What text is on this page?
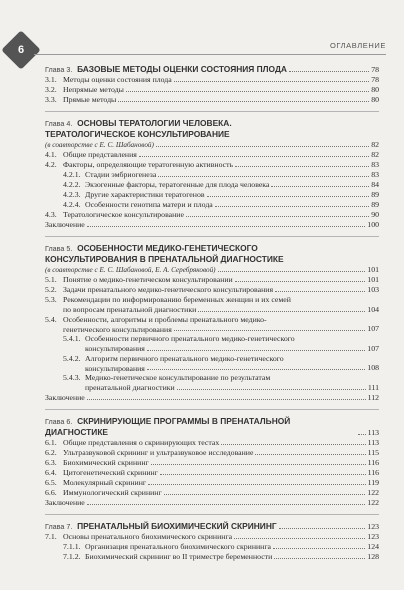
6	ОГЛАВЛЕНИЕ
Глава 3. БАЗОВЫЕ МЕТОДЫ ОЦЕНКИ СОСТОЯНИЯ ПЛОДА	78
3.1. Методы оценки состояния плода	78
3.2. Непрямые методы	80
3.3. Прямые методы	80
Глава 4. ОСНОВЫ ТЕРАТОЛОГИИ ЧЕЛОВЕКА.
ТЕРАТОЛОГИЧЕСКОЕ КОНСУЛЬТИРОВАНИЕ
(в соавторстве с Е. С. Шабановой)	82
4.1. Общие представления	82
4.2. Факторы, определяющие тератогенную активность	83
4.2.1. Стадии эмбриогенеза	83
4.2.2. Экзогенные факторы, тератогенные для плода человека	84
4.2.3. Другие характеристики тератогенов	89
4.2.4. Особенности генотипа матери и плода	89
4.3. Тератологическое консультирование	90
Заключение	100
Глава 5. ОСОБЕННОСТИ МЕДИКО-ГЕНЕТИЧЕСКОГО
КОНСУЛЬТИРОВАНИЯ В ПРЕНАТАЛЬНОЙ ДИАГНОСТИКЕ
(в соавторстве с Е. С. Шабановой, Е. А. Серебряковой)	101
5.1. Понятие о медико-генетическом консультировании	101
5.2. Задачи пренатального медико-генетического консультирования	103
5.3. Рекомендации по информированию беременных женщин и их семей
по вопросам пренатальной диагностики	104
5.4. Особенности, алгоритмы и проблемы пренатального медико-
генетического консультирования	107
5.4.1. Особенности первичного пренатального медико-генетического
консультирования	107
5.4.2. Алгоритм первичного пренатального медико-генетического
консультирования	108
5.4.3. Медико-генетическое консультирование по результатам
пренатальной диагностики	111
Заключение	112
Глава 6. СКРИНИРУЮЩИЕ ПРОГРАММЫ В ПРЕНАТАЛЬНОЙ ДИАГНОСТИКЕ	113
6.1. Общие представления о скринирующих тестах	113
6.2. Ультразвуковой скрининг и ультразвуковое исследование	115
6.3. Биохимический скрининг	116
6.4. Цитогенетический скрининг	116
6.5. Молекулярный скрининг	119
6.6. Иммунологический скрининг	122
Заключение	122
Глава 7. ПРЕНАТАЛЬНЫЙ БИОХИМИЧЕСКИЙ СКРИНИНГ	123
7.1. Основы пренатального биохимического скрининга	123
7.1.1. Организация пренатального биохимического скрининга	124
7.1.2. Биохимический скрининг во II триместре беременности	128
